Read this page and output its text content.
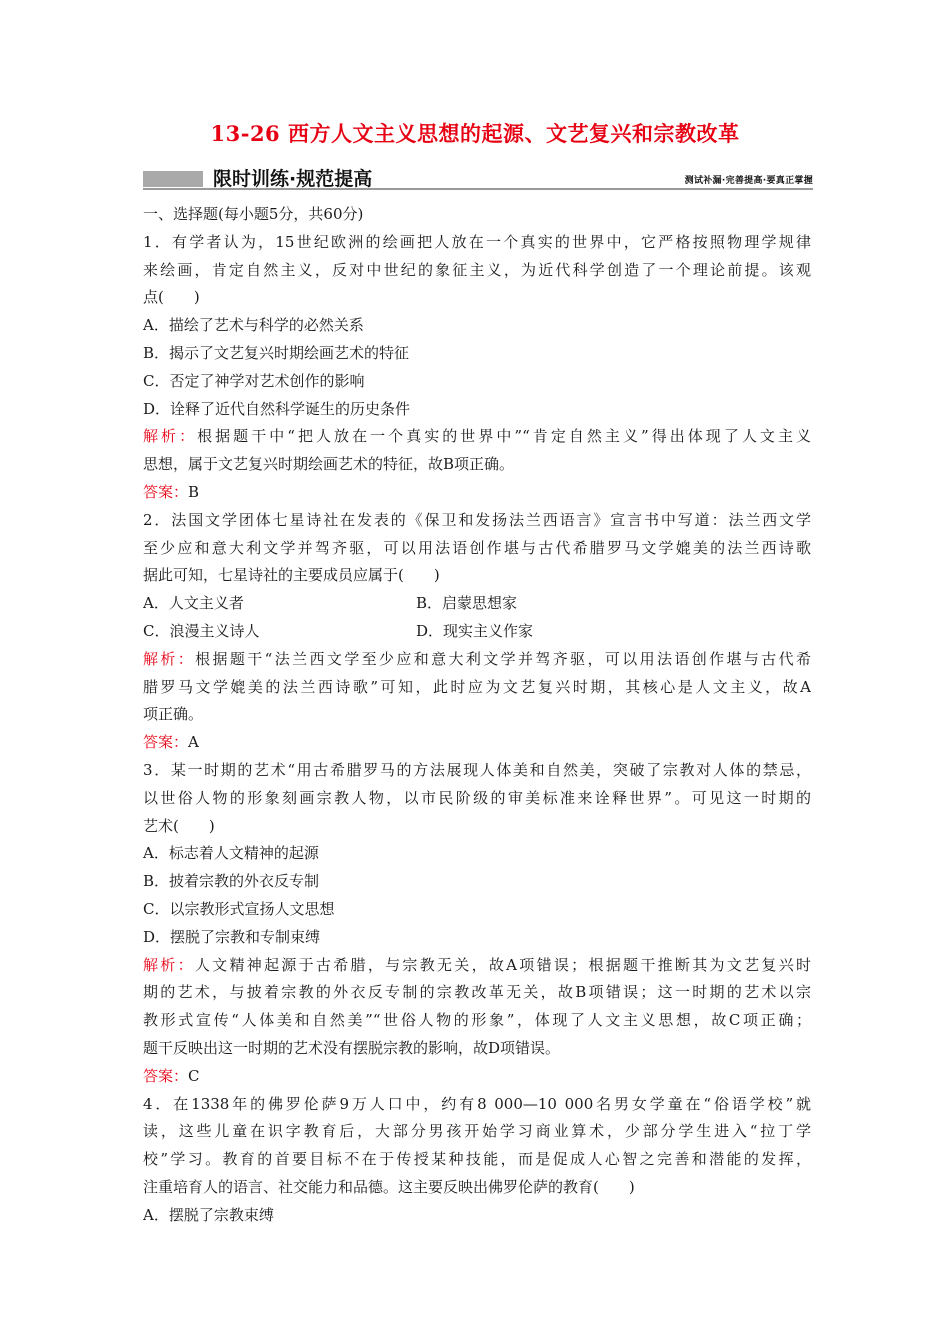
13-26 西方人文主义思想的起源、文艺复兴和宗教改革
限时训练·规范提高	测试补漏·完善提高·要真正掌握
一、选择题(每小题5分，共60分)
1．有学者认为，15世纪欧洲的绘画把人放在一个真实的世界中，它严格按照物理学规律
来绘画，肯定自然主义，反对中世纪的象征主义，为近代科学创造了一个理论前提。该观
点(　　)
A．描绘了艺术与科学的必然关系
B．揭示了文艺复兴时期绘画艺术的特征
C．否定了神学对艺术创作的影响
D．诠释了近代自然科学诞生的历史条件
解析：根据题干中“把人放在一个真实的世界中”“肯定自然主义”得出体现了人文主义
思想，属于文艺复兴时期绘画艺术的特征，故B项正确。
答案：B
2．法国文学团体七星诗社在发表的《保卫和发扬法兰西语言》宣言书中写道：法兰西文学
至少应和意大利文学并驾齐驱，可以用法语创作堪与古代希腊罗马文学媲美的法兰西诗歌
据此可知，七星诗社的主要成员应属于(　　)
A．人文主义者	B．启蒙思想家
C．浪漫主义诗人	D．现实主义作家
解析：根据题干“法兰西文学至少应和意大利文学并驾齐驱，可以用法语创作堪与古代希
腊罗马文学媲美的法兰西诗歌”可知，此时应为文艺复兴时期，其核心是人文主义，故A
项正确。
答案：A
3．某一时期的艺术“用古希腊罗马的方法展现人体美和自然美，突破了宗教对人体的禁忌，
以世俗人物的形象刻画宗教人物，以市民阶级的审美标准来诠释世界”。可见这一时期的
艺术(　　)
A．标志着人文精神的起源
B．披着宗教的外衣反专制
C．以宗教形式宣扬人文思想
D．摆脱了宗教和专制束缚
解析：人文精神起源于古希腊，与宗教无关，故A项错误；根据题干推断其为文艺复兴时
期的艺术，与披着宗教的外衣反专制的宗教改革无关，故B项错误；这一时期的艺术以宗
教形式宣传“人体美和自然美”“世俗人物的形象”，体现了人文主义思想，故C项正确；
题干反映出这一时期的艺术没有摆脱宗教的影响，故D项错误。
答案：C
4．在1338年的佛罗伦萨9万人口中，约有8 000—10 000名男女学童在“俗语学校”就
读，这些儿童在识字教育后，大部分男孩开始学习商业算术，少部分学生进入“拉丁学
校”学习。教育的首要目标不在于传授某种技能，而是促成人心智之完善和潜能的发挥，
注重培育人的语言、社交能力和品德。这主要反映出佛罗伦萨的教育(　　)
A．摆脱了宗教束缚
